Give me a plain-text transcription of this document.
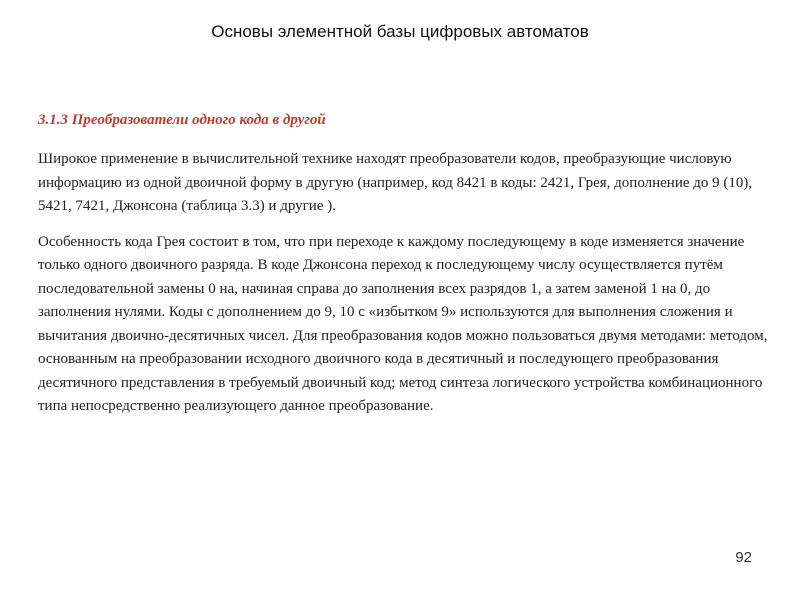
Основы элементной базы цифровых автоматов
3.1.3 Преобразователи одного кода в другой

Широкое применение в вычислительной технике находят преобразователи кодов, преобразующие числовую информацию из одной двоичной форму в другую (например, код 8421 в коды: 2421, Грея, дополнение до 9 (10), 5421, 7421, Джонсона (таблица 3.3) и другие ).

Особенность кода Грея состоит в том, что при переходе к каждому последующему в коде изменяется значение только одного двоичного разряда. В коде Джонсона переход к последующему числу осуществляется путём последовательной замены 0 на, начиная справа до заполнения всех разрядов 1, а затем заменой 1 на 0, до заполнения нулями. Коды с дополнением до 9, 10 с «избытком 9» используются для выполнения сложения и вычитания двоично-десятичных чисел. Для преобразования кодов можно пользоваться двумя методами: методом, основанным на преобразовании исходного двоичного кода в десятичный и последующего преобразования десятичного представления в требуемый двоичный код; метод синтеза логического устройства комбинационного типа непосредственно реализующего данное преобразование.

92
